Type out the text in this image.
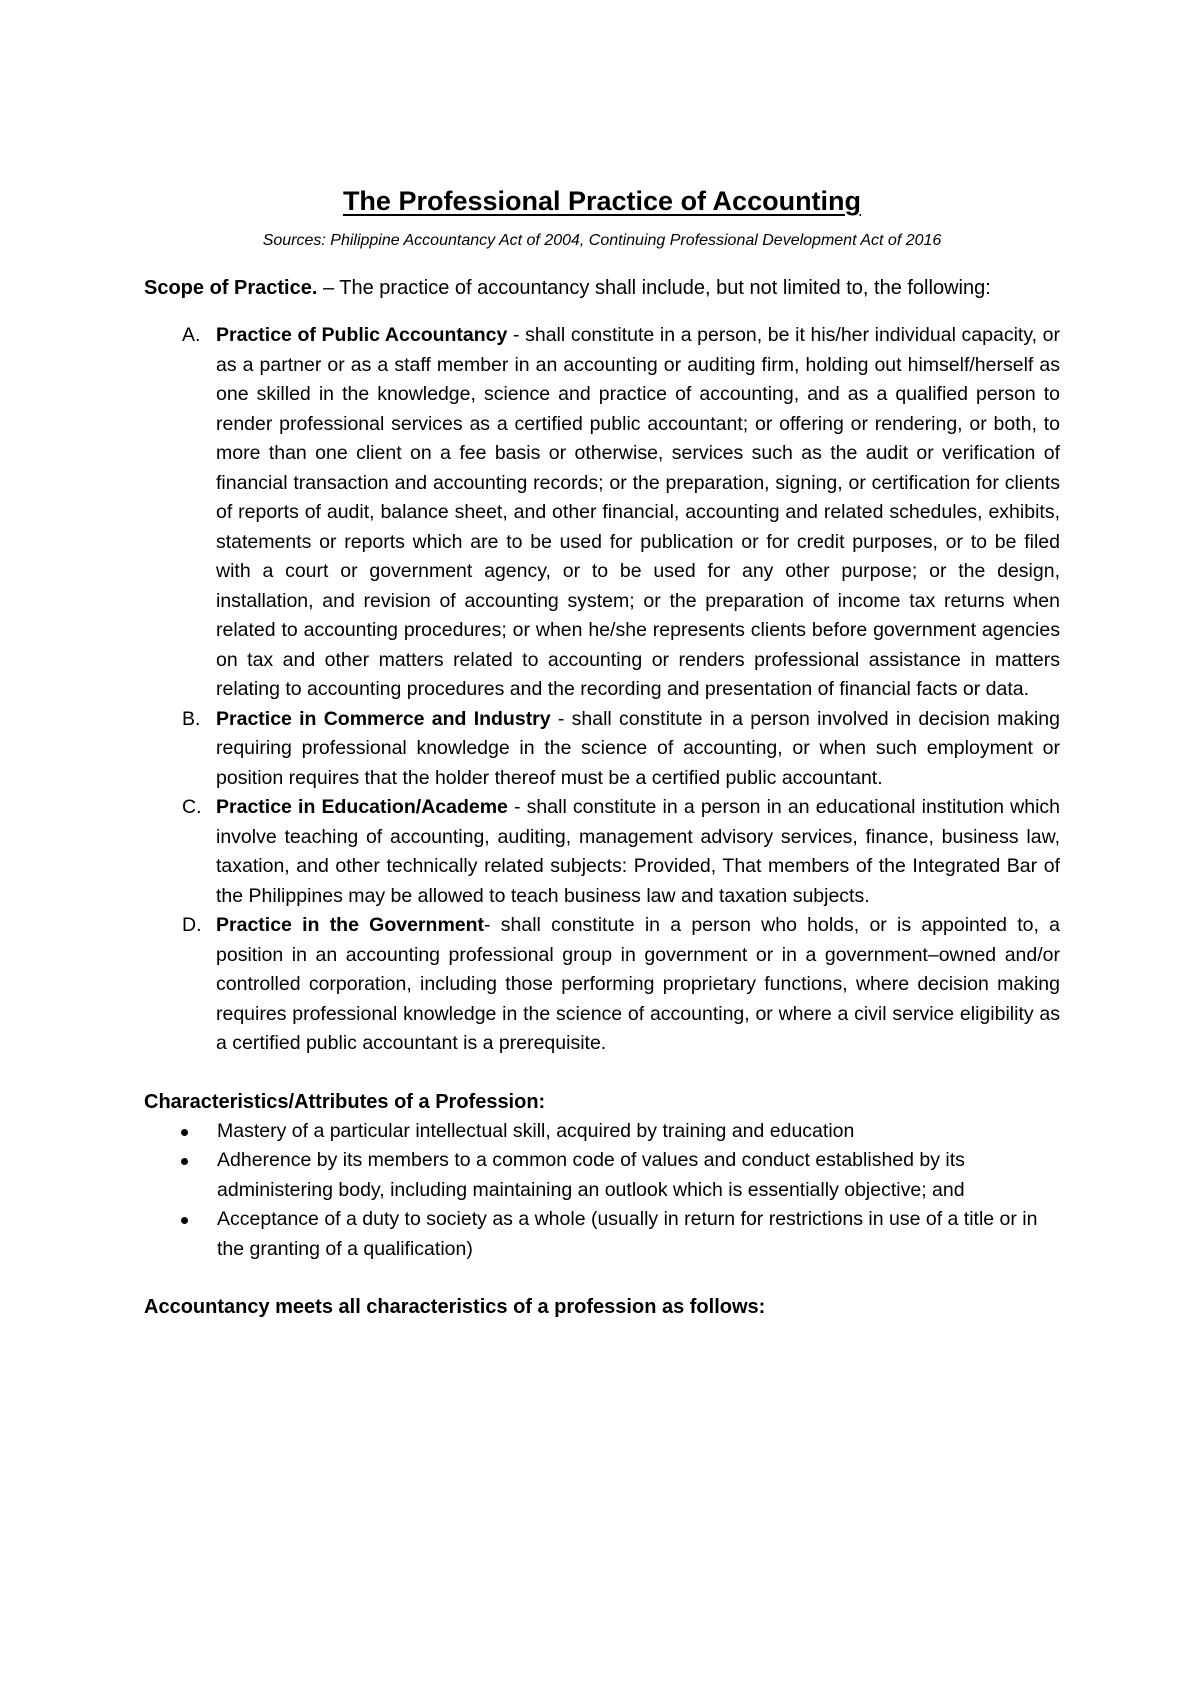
The Professional Practice of Accounting

Sources: Philippine Accountancy Act of 2004, Continuing Professional Development Act of 2016

Scope of Practice. – The practice of accountancy shall include, but not limited to, the following:

A. Practice of Public Accountancy - shall constitute in a person, be it his/her individual capacity, or as a partner or as a staff member in an accounting or auditing firm, holding out himself/herself as one skilled in the knowledge, science and practice of accounting, and as a qualified person to render professional services as a certified public accountant; or offering or rendering, or both, to more than one client on a fee basis or otherwise, services such as the audit or verification of financial transaction and accounting records; or the preparation, signing, or certification for clients of reports of audit, balance sheet, and other financial, accounting and related schedules, exhibits, statements or reports which are to be used for publication or for credit purposes, or to be filed with a court or government agency, or to be used for any other purpose; or the design, installation, and revision of accounting system; or the preparation of income tax returns when related to accounting procedures; or when he/she represents clients before government agencies on tax and other matters related to accounting or renders professional assistance in matters relating to accounting procedures and the recording and presentation of financial facts or data.
B. Practice in Commerce and Industry - shall constitute in a person involved in decision making requiring professional knowledge in the science of accounting, or when such employment or position requires that the holder thereof must be a certified public accountant.
C. Practice in Education/Academe - shall constitute in a person in an educational institution which involve teaching of accounting, auditing, management advisory services, finance, business law, taxation, and other technically related subjects: Provided, That members of the Integrated Bar of the Philippines may be allowed to teach business law and taxation subjects.
D. Practice in the Government- shall constitute in a person who holds, or is appointed to, a position in an accounting professional group in government or in a government–owned and/or controlled corporation, including those performing proprietary functions, where decision making requires professional knowledge in the science of accounting, or where a civil service eligibility as a certified public accountant is a prerequisite.

Characteristics/Attributes of a Profession:

Mastery of a particular intellectual skill, acquired by training and education
Adherence by its members to a common code of values and conduct established by its administering body, including maintaining an outlook which is essentially objective; and
Acceptance of a duty to society as a whole (usually in return for restrictions in use of a title or in the granting of a qualification)

Accountancy meets all characteristics of a profession as follows:
